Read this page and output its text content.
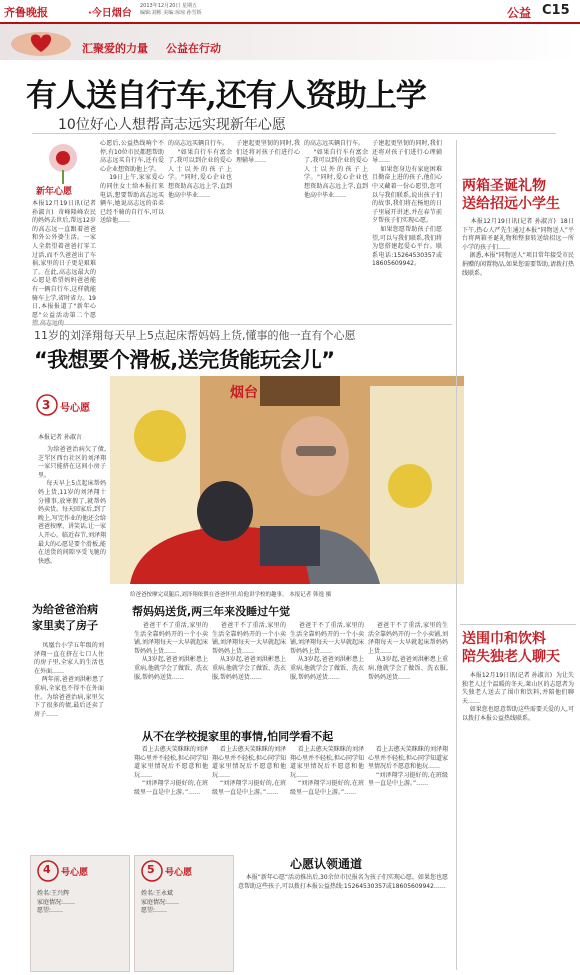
齐鲁晚报	·今日烟台
2013年12月20日 星期五
编辑:刘彬 美编:琼琼 孙雪娇	公益 C15
汇聚爱的力量 公益在行动
有人送自行车,还有人资助上学
10位好心人想帮高志远实现新年心愿
新年心愿
本报12月19日讯(记者 孙淑言)  奇峰隆峰农民的妈妈去世后,帮远12岁的高志远一直跟着爸爸和外公外婆生活。一家人全指望着爸爸打零工过活,而不久爸爸出了车祸,家里的日子更是艰难了。在此,高志远最大的心愿是希望妈妈爸爸能有一辆自行车,这样就能骑车上学,省时省力。19日,本报报道了"新年心愿"公益活动第二个愿
心愿后,公益热线响个不停,有10位市民都想帮助高志远买自行车,还有爱心企业想资助他上学。
19日上午,家家爱心的同住女士给本报打来电话,想要帮助高志远买辆车,她说高志远的弟弟已经不骑的自行车,可以送给他……
的高志远买辆自行车。
"如果自行车有富余了,我可以到企业的爱心人士以外的孩子上学。"同时,爱心企业也想资助高志远上学,直到他高中毕业……
子建起更坚韧的同时,我们还将对孩子们进行心理辅导……
的高志远买辆自行车。
"如果自行车有富余了,我可以到企业的爱心人士以外的孩子上学。"同时,爱心企业也想资助高志远上学,直到他高中毕业……
子建起更坚韧的同时,我们还将对孩子们进行心理辅导……
如果您身边有家庭困难且勤奋上进的孩子,他们心中又藏着一份心愿望,您可以与我们联系,说出孩子们的故事,我们将在杨旭的日子里展开讲述,并在春节前夕帮孩子们实现心愿。
如果您愿帮助孩子们愿望,可以与我们联系,我们将为您搭建起爱心平台。联系电话:15264530357或18605609942。
11岁的刘泽翔每天早上5点起床帮妈妈上货,懂事的他一直有个心愿
“我想要个滑板,送完货能玩会儿”
3 号心愿
本报记者 孙淑言
为给爸爸治病欠了债,芝罘区西台社区的刘泽翔一家只能挤在这间小房子里。
每天早上5点起床帮妈妈上货,11岁的刘泽翔十分懂事,放寒假了,就帮妈妈卖货。每天回家后,到了晚上,写完作业的他还会给爸爸按摩、讲笑话,让一家人开心。临近春节,刘泽翔最大的心愿是要个滑板,能在送货的间隙享受飞驰的快感。
烟台
给爸爸按摩完双腿后,刘泽翔依偎在爸爸怀里,给他讲学校的趣事。 本报记者 韩逸 摄
为给爸爸治病
家里卖了房子
凤凰台小学五年级的刘泽翔一直在挤在七口人住的房子里,全家人的生活也在外面……
两年前,爸爸刘洪彬患了重病,全家也不得不在外面住。为给爸爸治病,家里欠下了很多的债,最后还卖了房子……
帮妈妈送货,两三年来没睡过午觉
爸爸干不了重活,家里的生活全靠妈妈开的一个小卖铺,刘泽翔每天一大早就起床帮妈妈上货……
从3岁起,爸爸刘洪彬患上重病,他就学会了做饭、洗衣服,帮妈妈送货……
爸爸干不了重活,家里的生活全靠妈妈开的一个小卖铺,刘泽翔每天一大早就起床帮妈妈上货……
从3岁起,爸爸刘洪彬患上重病,他就学会了做饭、洗衣服,帮妈妈送货……
爸爸干不了重活,家里的生活全靠妈妈开的一个小卖铺,刘泽翔每天一大早就起床帮妈妈上货……
从3岁起,爸爸刘洪彬患上重病,他就学会了做饭、洗衣服,帮妈妈送货……
爸爸干不了重活,家里的生活全靠妈妈开的一个小卖铺,刘泽翔每天一大早就起床帮妈妈上货……
从3岁起,爸爸刘洪彬患上重病,他就学会了做饭、洗衣服,帮妈妈送货……
从不在学校提家里的事情,怕同学看不起
看上去憨天笑眯眯的刘泽翔心里并不轻松,担心同学知道家里情况后不愿意和他玩……
“刘泽翔学习挺好的,在班级里一直是中上游。”……
看上去憨天笑眯眯的刘泽翔心里并不轻松,担心同学知道家里情况后不愿意和他玩……
“刘泽翔学习挺好的,在班级里一直是中上游。”……
看上去憨天笑眯眯的刘泽翔心里并不轻松,担心同学知道家里情况后不愿意和他玩……
“刘泽翔学习挺好的,在班级里一直是中上游。”……
看上去憨天笑眯眯的刘泽翔心里并不轻松,担心同学知道家里情况后不愿意和他玩……
“刘泽翔学习挺好的,在班级里一直是中上游。”……
4 号心愿
姓名:王兴辉
家庭情况:……
愿望:……
5 号心愿
姓名:王永斌
家庭情况:……
愿望:……
心愿认领通道
本报“新年心愿”活动推出后,30余位市民报名为孩子们实现心愿。如果您也愿意帮助这些孩子,可以拨打本报公益热线:15264530357或18605609942……
两箱圣诞礼物
送给招远小学生
本报12月19日讯(记者 孙淑言)  18日下午,热心人严先生通过本报“同物送人”平台将两箱圣诞礼物和整套转送给招远一所小学的孩子们……
据悉,本报“同物送人”项目常年接受市民捐赠的闲置物品,如果您需要帮助,请拨打热线联系。
送围巾和饮料
陪失独老人聊天
本报12月19日讯(记者 孙淑言)  为让失独老人过个温暖的冬天,莱山区的志愿者为失独老人送去了围巾和饮料,并陪他们聊天……
如果您也愿意帮助这些需要关爱的人,可以拨打本报公益热线联系。
